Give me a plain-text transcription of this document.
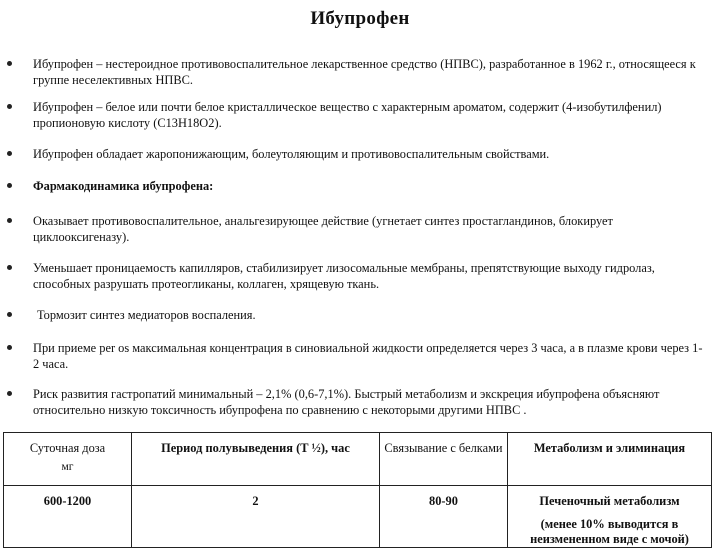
Ибупрофен
Ибупрофен – нестероидное противовоспалительное лекарственное средство (НПВС), разработанное в 1962 г., относящееся к группе неселективных НПВС.
Ибупрофен – белое или почти белое кристаллическое вещество с характерным ароматом, содержит (4-изобутилфенил) пропионовую кислоту (C13H18O2).
Ибупрофен обладает жаропонижающим, болеутоляющим и противовоспалительным свойствами.
Фармакодинамика ибупрофена:
Оказывает противовоспалительное, анальгезирующее действие (угнетает синтез простагландинов, блокирует циклооксигеназу).
Уменьшает проницаемость капилляров, стабилизирует лизосомальные мембраны, препятствующие выходу гидролаз, способных разрушать протеогликаны, коллаген, хрящевую ткань.
Тормозит синтез медиаторов воспаления.
При приеме per os максимальная концентрация в синовиальной жидкости определяется через 3 часа, а в плазме крови через 1-2 часа.
Риск развития гастропатий минимальный – 2,1% (0,6-7,1%). Быстрый метаболизм и экскреция ибупрофена объясняют относительно низкую токсичность ибупрофена по сравнению с некоторыми другими НПВС .
Суточная доза
мг	Период полувыведения (Т ½), час	Связывание с белками	Метаболизм и элиминация
600-1200	2	80-90	Печеночный метаболизм
(менее 10% выводится в неизмененном виде с мочой)
